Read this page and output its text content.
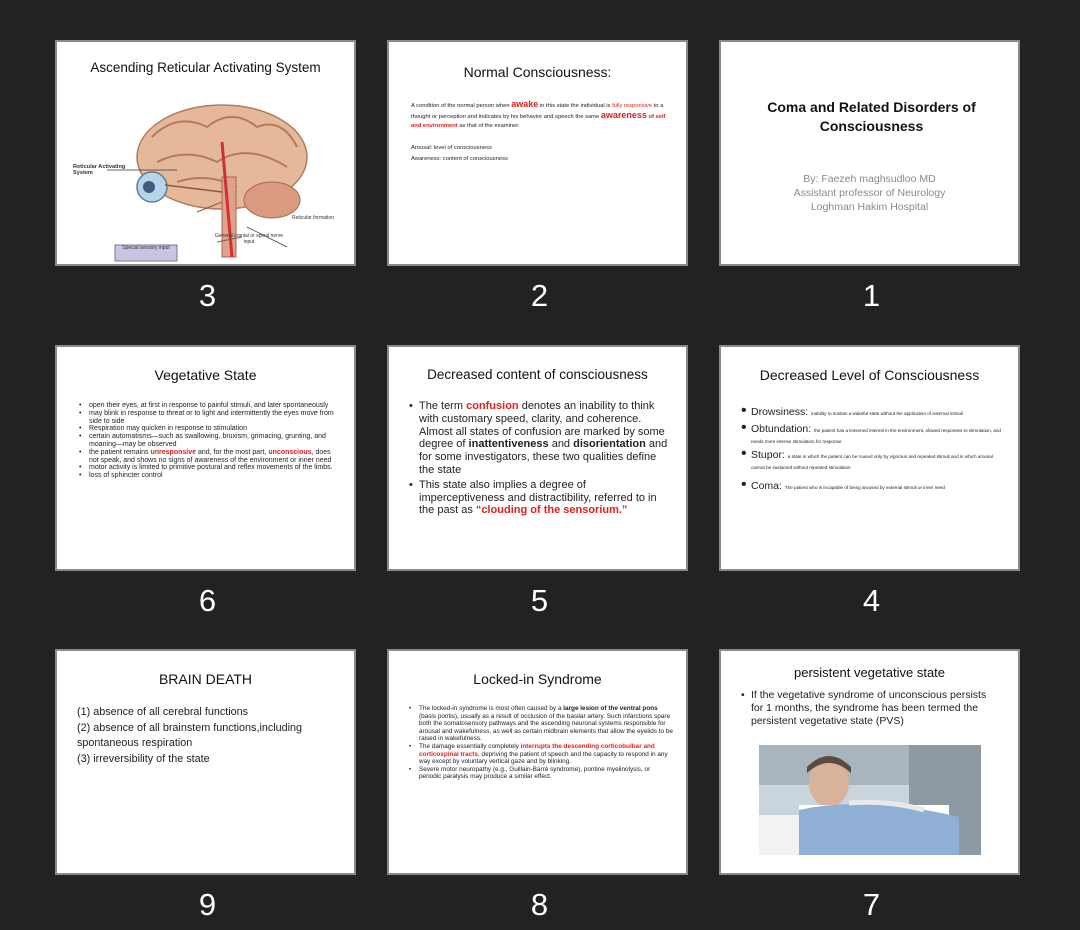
Ascending Reticular Activating System
Reticular Activating System
Special sensory input
Reticular formation
General cranial or spinal nerve input
3
Normal Consciousness:
A condition of the normal person when awake in this state the individual is fully responsive to a thought or perception and indicates by his behavior and speech the same awareness of self and environment as that of the examiner.
Arousal: level of consciousness
Awareness: content of consciousness
2
Coma and Related Disorders of Consciousness
By: Faezeh maghsudloo MD
Assistant professor of Neurology
Loghman Hakim Hospital
1
Vegetative State
• open their eyes, at first in response to painful stimuli, and later spontaneously
• may blink in response to threat or to light and intermittently the eyes move from side to side
• Respiration may quicken in response to stimulation
• certain automatisms—such as swallowing, bruxism, grimacing, grunting, and moaning—may be observed
• the patient remains unresponsive and, for the most part, unconscious, does not speak, and shows no signs of awareness of the environment or inner need
• motor activity is limited to primitive postural and reflex movements of the limbs.
• loss of sphincter control
6
Decreased content of consciousness
• The term confusion denotes an inability to think with customary speed, clarity, and coherence. Almost all states of confusion are marked by some degree of inattentiveness and disorientation and for some investigators, these two qualities define the state
• This state also implies a degree of imperceptiveness and distractibility, referred to in the past as “clouding of the sensorium.”
5
Decreased Level of Consciousness
• Drowsiness: inability to sustain a wakeful state without the application of external stimuli
• Obtundation: the patient has a lessened interest in the environment, slowed responses to stimulation, and needs more intense stimulation for response
• Stupor: a state in which the patient can be roused only by vigorous and repeated stimuli and in which arousal cannot be sustained without repeated stimulation
• Coma: The patient who is incapable of being aroused by external stimuli or inner need
4
BRAIN DEATH
(1) absence of all cerebral functions
(2) absence of all brainstem functions,including spontaneous respiration
(3) irreversibility of the state
9
Locked-in Syndrome
• The locked-in syndrome is most often caused by a large lesion of the ventral pons (basis pontis), usually as a result of occlusion of the basilar artery. Such infarctions spare both the somatosensory pathways and the ascending neuronal systems responsible for arousal and wakefulness, as well as certain midbrain elements that allow the eyelids to be raised in wakefulness.
• The damage essentially completely interrupts the descending corticobulbar and corticospinal tracts, depriving the patient of speech and the capacity to respond in any way except by voluntary vertical gaze and by blinking.
• Severe motor neuropathy (e.g., Guillain-Barré syndrome), pontine myelinolysis, or periodic paralysis may produce a similar effect.
8
persistent vegetative state
• If the vegetative syndrome of unconscious persists for 1 months, the syndrome has been termed the persistent vegetative state (PVS)
7
